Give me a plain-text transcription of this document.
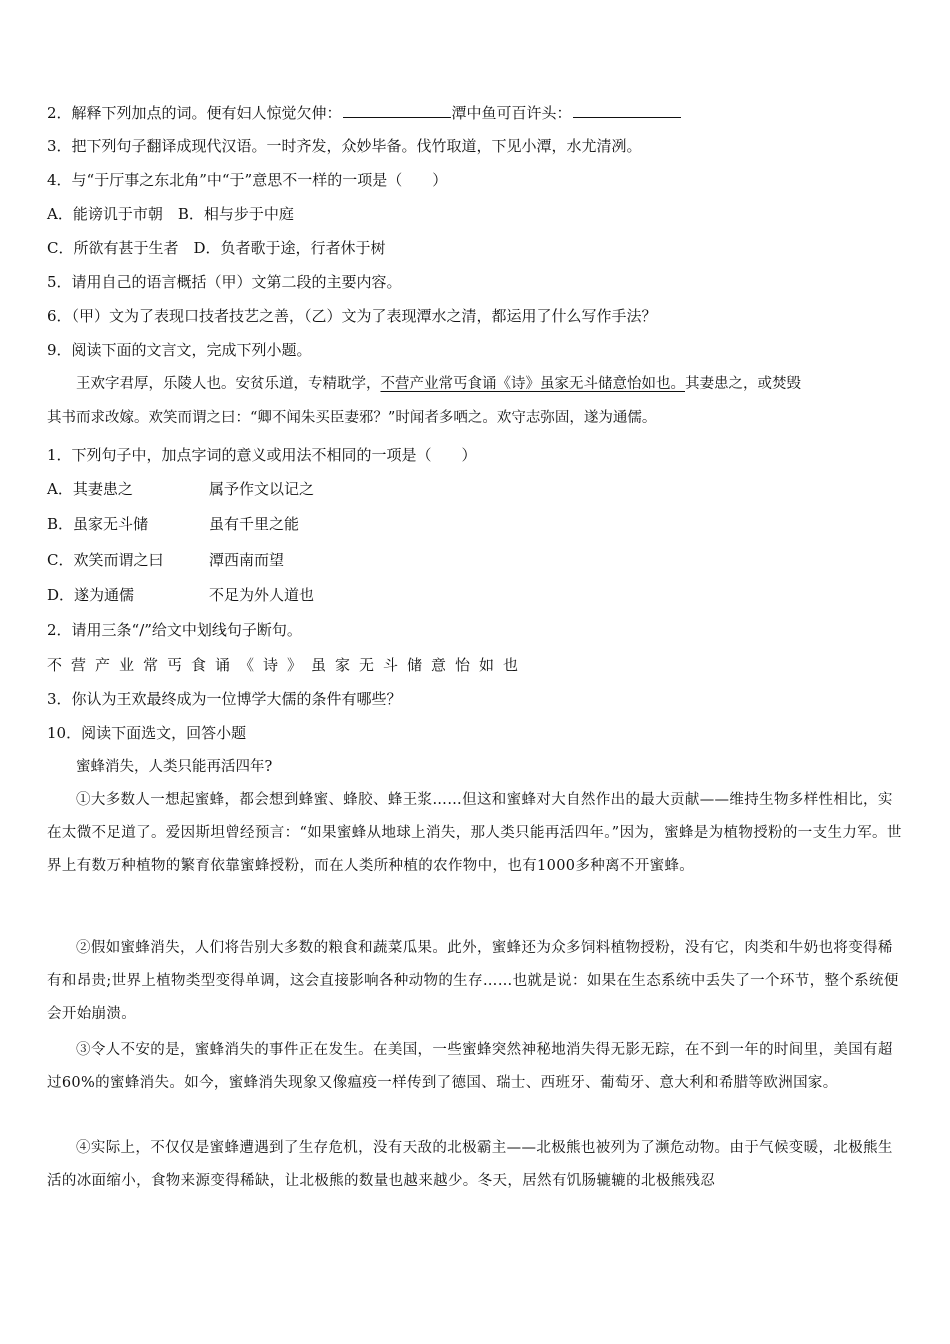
2．解释下列加点的词。便有妇人惊觉欠伸：	潭中鱼可百许头：
3．把下列句子翻译成现代汉语。一时齐发，众妙毕备。伐竹取道，下见小潭，水尤清冽。
4．与“于厅事之东北角”中“于”意思不一样的一项是（　　）
A．能谤讥于市朝　B．相与步于中庭
C．所欲有甚于生者　D．负者歌于途，行者休于树
5．请用自己的语言概括（甲）文第二段的主要内容。
6．（甲）文为了表现口技者技艺之善，（乙）文为了表现潭水之清，都运用了什么写作手法？
9．阅读下面的文言文，完成下列小题。
王欢字君厚，乐陵人也。安贫乐道，专精耽学，不营产业常丐食诵《诗》虽家无斗储意怡如也。其妻患之，或焚毁
其书而求改嫁。欢笑而谓之曰：“卿不闻朱买臣妻邪？”时闻者多哂之。欢守志弥固，遂为通儒。
1．下列句子中，加点字词的意义或用法不相同的一项是（　　）
A．其妻患之	属予作文以记之
B．虽家无斗储	虽有千里之能
C．欢笑而谓之曰	潭西南而望
D．遂为通儒	不足为外人道也
2．请用三条“/”给文中划线句子断句。
不营产业常丐食诵《诗》虽家无斗储意怡如也
3．你认为王欢最终成为一位博学大儒的条件有哪些？
10．阅读下面选文，回答小题
蜜蜂消失，人类只能再活四年?
①大多数人一想起蜜蜂，都会想到蜂蜜、蜂胶、蜂王浆……但这和蜜蜂对大自然作出的最大贡献——维持生物多样性相比，实在太微不足道了。爱因斯坦曾经预言：“如果蜜蜂从地球上消失，那人类只能再活四年。”因为，蜜蜂是为植物授粉的一支生力军。世界上有数万种植物的繁育依靠蜜蜂授粉，而在人类所种植的农作物中，也有1000多种离不开蜜蜂。
②假如蜜蜂消失，人们将告别大多数的粮食和蔬菜瓜果。此外，蜜蜂还为众多饲料植物授粉，没有它，肉类和牛奶也将变得稀有和昂贵;世界上植物类型变得单调，这会直接影响各种动物的生存……也就是说：如果在生态系统中丢失了一个环节，整个系统便会开始崩溃。
③令人不安的是，蜜蜂消失的事件正在发生。在美国，一些蜜蜂突然神秘地消失得无影无踪，在不到一年的时间里，美国有超过60%的蜜蜂消失。如今，蜜蜂消失现象又像瘟疫一样传到了德国、瑞士、西班牙、葡萄牙、意大利和希腊等欧洲国家。
④实际上，不仅仅是蜜蜂遭遇到了生存危机，没有天敌的北极霸主——北极熊也被列为了濒危动物。由于气候变暖，北极熊生活的冰面缩小，食物来源变得稀缺，让北极熊的数量也越来越少。冬天，居然有饥肠辘辘的北极熊残忍
